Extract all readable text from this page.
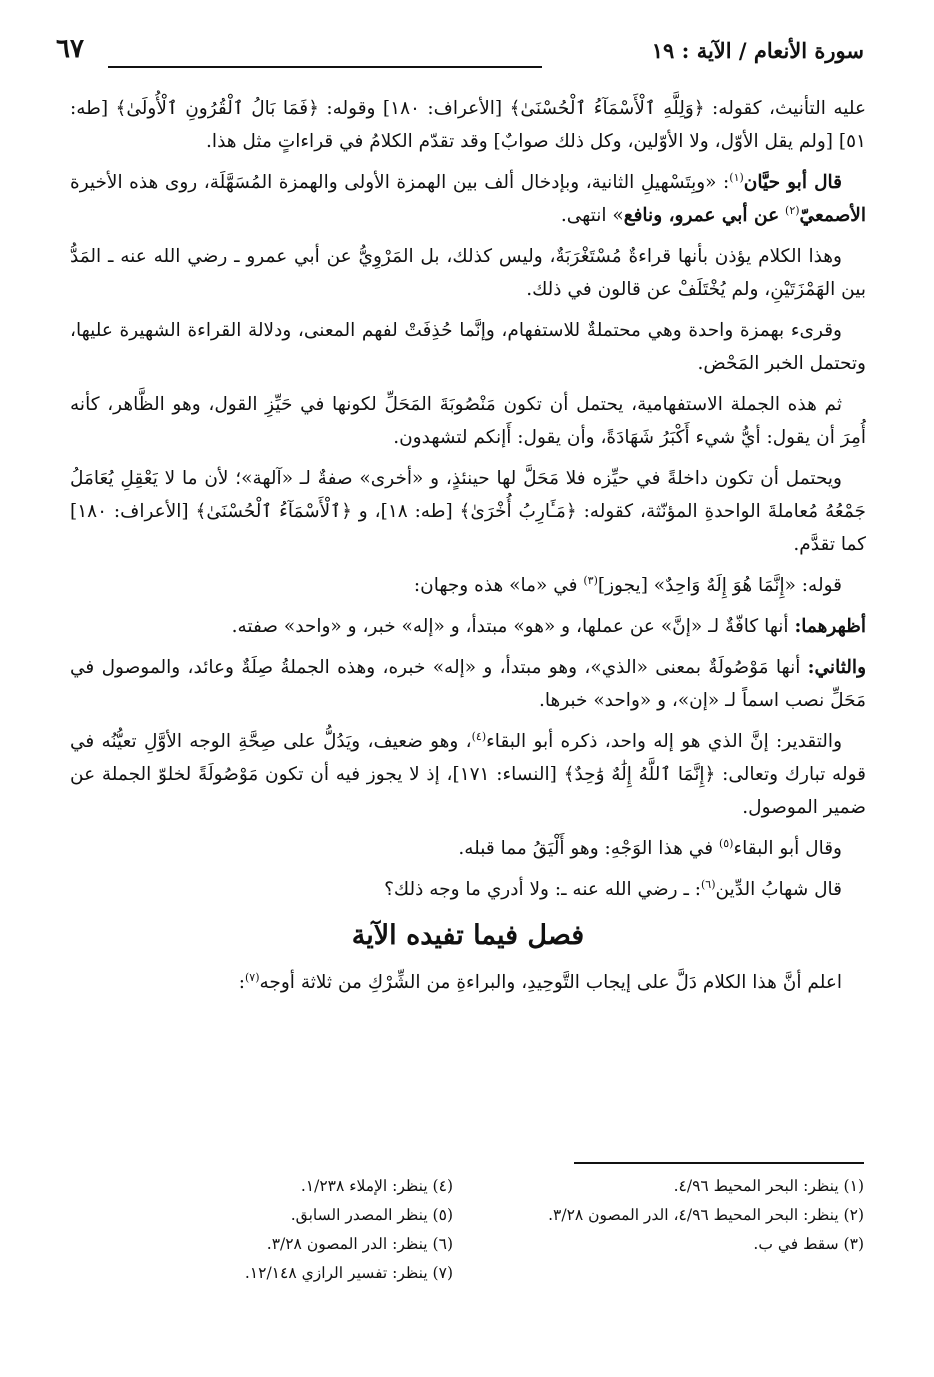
سورة الأنعام / الآية : ١٩
٦٧

عليه التأنيث، كقوله: ﴿وَلِلَّهِ ٱلْأَسْمَآءُ ٱلْحُسْنَىٰ﴾ [الأعراف: ١٨٠] وقوله: ﴿فَمَا بَالُ ٱلْقُرُونِ ٱلْأُولَىٰ﴾ [طه: ٥١] [ولم يقل الأوّل، ولا الأوّلين، وكل ذلك صوابٌ] وقد تقدّم الكلامُ في قراءاتٍ مثل هذا.

قال أبو حيَّان$^{(١)}$: «وبِتَسْهيلِ الثانية، وبإدخال ألف بين الهمزة الأولى والهمزة المُسَهَّلَة، روى هذه الأخيرة الأصمعيّ$^{(٢)}$ عن أبي عمرو، ونافع» انتهى.

وهذا الكلام يؤذن بأنها قراءةٌ مُسْتَغْرَبَةٌ، وليس كذلك، بل المَرْوِيُّ عن أبي عمرو ـ رضي الله عنه ـ المَدُّ بين الهَمْزَتَيْنِ، ولم يُخْتَلَفْ عن قالون في ذلك.

وقرىء بهمزة واحدة وهي محتملةٌ للاستفهام، وإنَّما حُذِفَتْ لفهم المعنى، ودلالة القراءة الشهيرة عليها، وتحتمل الخبر المَحْض.

ثم هذه الجملة الاستفهامية، يحتمل أن تكون مَنْصُوبَةَ المَحَلِّ لكونها في حَيِّزِ القول، وهو الظَّاهر، كأنه أُمِرَ أن يقول: أيُّ شيء أَكْبَرُ شَهَادَةً، وأن يقول: أَإنكم لتشهدون.

ويحتمل أن تكون داخلةً في حيِّزه فلا مَحَلَّ لها حينئذٍ، و «أخرى» صفةٌ لـ «آلهة»؛ لأن ما لا يَعْقِلِ يُعَامَلُ جَمْعُهُ مُعاملةَ الواحدةِ المؤنّثة، كقوله: ﴿مَـَٔارِبُ أُخْرَىٰ﴾ [طه: ١٨]، و ﴿ٱلْأَسْمَآءُ ٱلْحُسْنَىٰ﴾ [الأعراف: ١٨٠] كما تقدَّم.

قوله: «إِنَّمَا هُوَ إِلَهٌ وَاحِدٌ» [يجوز]$^{(٣)}$ في «ما» هذه وجهان:

أظهرهما: أنها كافّةٌ لـ «إنَّ» عن عملها، و «هو» مبتدأ، و «إله» خبر، و «واحد» صفته.

والثاني: أنها مَوْصُولَةٌ بمعنى «الذي»، وهو مبتدأ، و «إله» خبره، وهذه الجملةُ صِلَةٌ وعائد، والموصول في مَحَلِّ نصب اسماً لـ «إن»، و «واحد» خبرها.

والتقدير: إنَّ الذي هو إله واحد، ذكره أبو البقاء$^{(٤)}$، وهو ضعيف، ويَدُلُّ على صِحَّةِ الوجه الأوَّلِ تعيُّنُه في قوله تبارك وتعالى: ﴿إِنَّمَا ٱللَّهُ إِلَٰهٌ وَٰحِدٌ﴾ [النساء: ١٧١]، إذ لا يجوز فيه أن تكون مَوْصُولَةً لخلوّ الجملة عن ضمير الموصول.

وقال أبو البقاء$^{(٥)}$ في هذا الوَجْهِ: وهو أَلْيَقُ مما قبله.

قال شهابُ الدِّين$^{(٦)}$: ـ رضي الله عنه ـ: ولا أدري ما وجه ذلك؟

فصل فيما تفيده الآية

اعلم أنَّ هذا الكلام دَلَّ على إيجاب التَّوحِيدِ، والبراءةِ من الشِّرْكِ من ثلاثة أوجه$^{(٧)}$:

(١) ينظر: البحر المحيط ٤/٩٦.

(٢) ينظر: البحر المحيط ٤/٩٦، الدر المصون ٣/٢٨.

(٣) سقط في ب.

(٤) ينظر: الإملاء ١/٢٣٨.

(٥) ينظر المصدر السابق.

(٦) ينظر: الدر المصون ٣/٢٨.

(٧) ينظر: تفسير الرازي ١٢/١٤٨.
